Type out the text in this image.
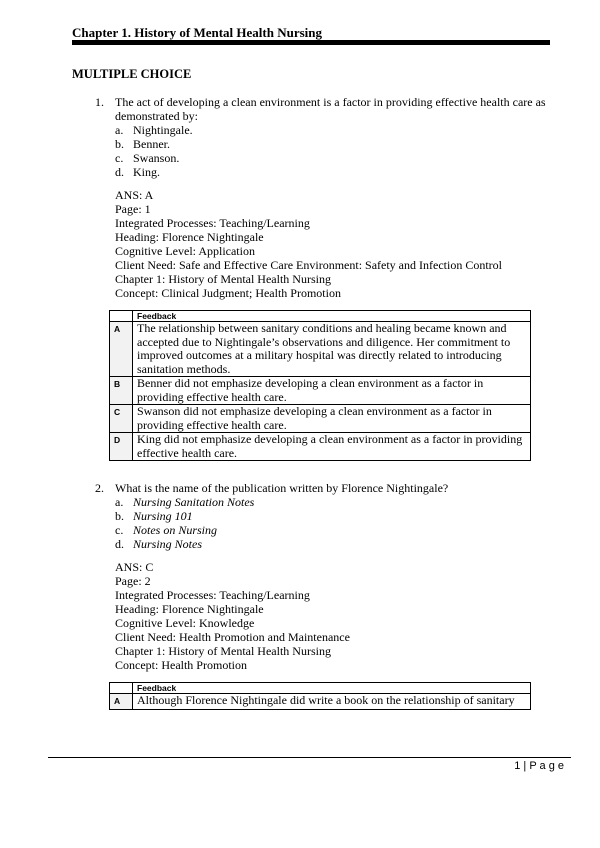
Chapter 1. History of Mental Health Nursing
MULTIPLE CHOICE
1. The act of developing a clean environment is a factor in providing effective health care as demonstrated by:
a. Nightingale.
b. Benner.
c. Swanson.
d. King.
ANS: A
Page: 1
Integrated Processes: Teaching/Learning
Heading: Florence Nightingale
Cognitive Level: Application
Client Need: Safe and Effective Care Environment: Safety and Infection Control
Chapter 1: History of Mental Health Nursing
Concept: Clinical Judgment; Health Promotion
	Feedback
A	The relationship between sanitary conditions and healing became known and accepted due to Nightingale’s observations and diligence. Her commitment to improved outcomes at a military hospital was directly related to introducing sanitation methods.
B	Benner did not emphasize developing a clean environment as a factor in providing effective health care.
C	Swanson did not emphasize developing a clean environment as a factor in providing effective health care.
D	King did not emphasize developing a clean environment as a factor in providing effective health care.
2. What is the name of the publication written by Florence Nightingale?
a. Nursing Sanitation Notes
b. Nursing 101
c. Notes on Nursing
d. Nursing Notes
ANS: C
Page: 2
Integrated Processes: Teaching/Learning
Heading: Florence Nightingale
Cognitive Level: Knowledge
Client Need: Health Promotion and Maintenance
Chapter 1: History of Mental Health Nursing
Concept: Health Promotion
	Feedback
A	Although Florence Nightingale did write a book on the relationship of sanitary
1 | P a g e
